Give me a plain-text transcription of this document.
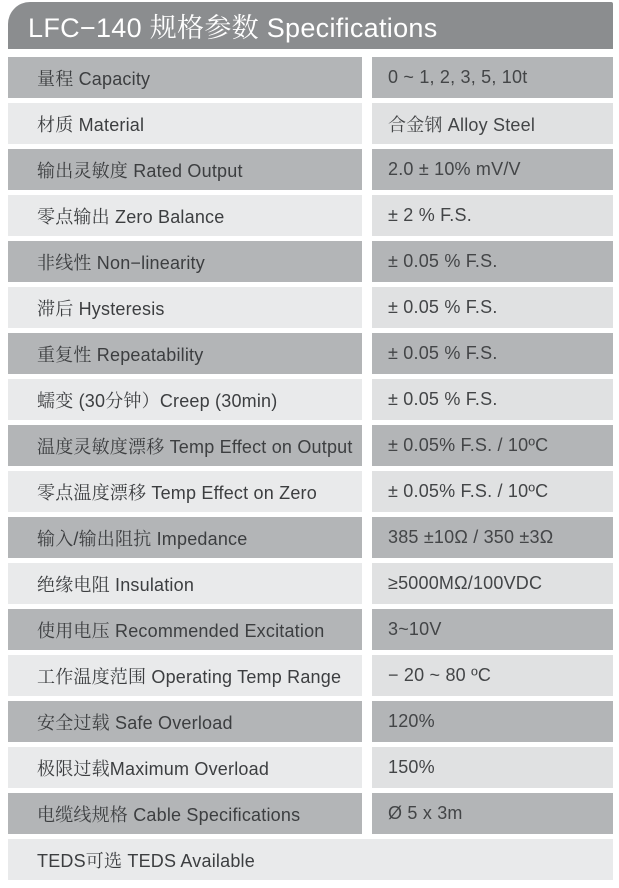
LFC−140 规格参数 Specifications
量程 Capacity	0 ~ 1, 2, 3, 5, 10t
材质 Material	合金钢 Alloy Steel
输出灵敏度 Rated Output	2.0 ± 10% mV/V
零点输出 Zero Balance	± 2 % F.S.
非线性 Non−linearity	± 0.05 % F.S.
滞后 Hysteresis	± 0.05 % F.S.
重复性 Repeatability	± 0.05 % F.S.
蠕变 (30分钟）Creep (30min)	± 0.05 % F.S.
温度灵敏度漂移 Temp Effect on Output	± 0.05% F.S. / 10ºC
零点温度漂移 Temp Effect on Zero	± 0.05% F.S. / 10ºC
输入/输出阻抗 Impedance	385 ±10Ω / 350 ±3Ω
绝缘电阻 Insulation	≥5000MΩ/100VDC
使用电压 Recommended Excitation	3~10V
工作温度范围 Operating Temp Range	− 20 ~ 80 ºC
安全过载 Safe Overload	120%
极限过载Maximum Overload	150%
电缆线规格 Cable Specifications	Ø 5 x 3m
TEDS可选 TEDS Available
